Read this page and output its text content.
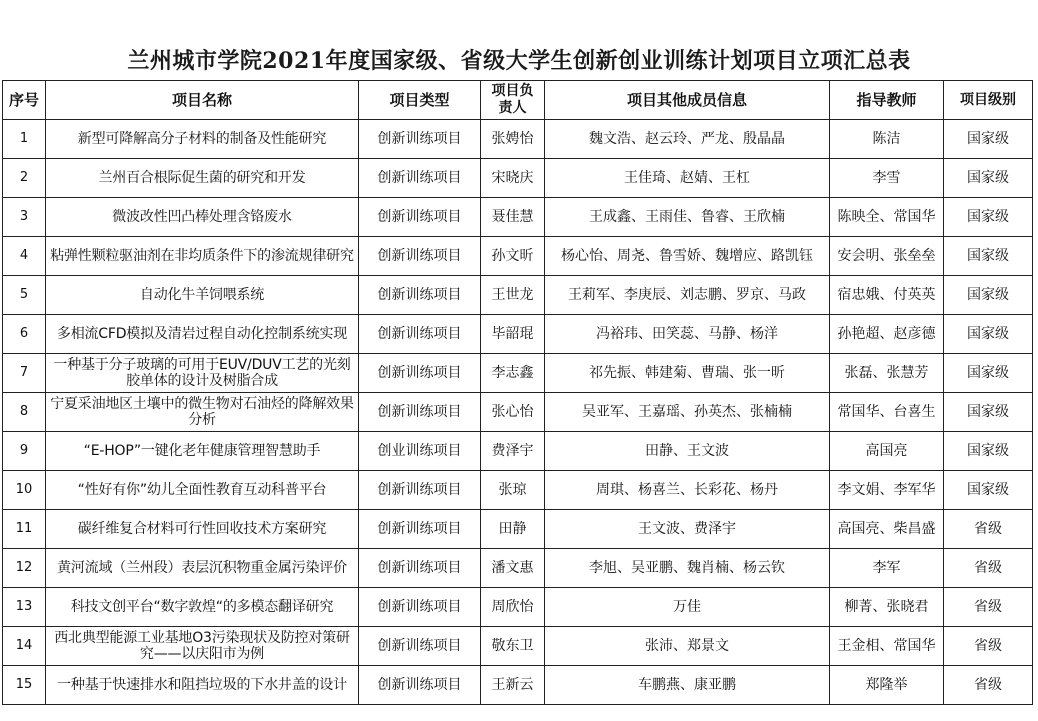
兰州城市学院2021年度国家级、省级大学生创新创业训练计划项目立项汇总表
序号	项目名称	项目类型	项目负责人	项目其他成员信息	指导教师	项目级别
1	新型可降解高分子材料的制备及性能研究	创新训练项目	张娉怡	魏文浩、赵云玲、严龙、殷晶晶	陈洁	国家级
2	兰州百合根际促生菌的研究和开发	创新训练项目	宋晓庆	王佳琦、赵婧、王杠	李雪	国家级
3	微波改性凹凸棒处理含铬废水	创新训练项目	聂佳慧	王成鑫、王雨佳、鲁睿、王欣楠	陈映全、常国华	国家级
4	粘弹性颗粒驱油剂在非均质条件下的渗流规律研究	创新训练项目	孙文昕	杨心怡、周尧、鲁雪娇、魏增应、路凯钰	安会明、张垒垒	国家级
5	自动化牛羊饲喂系统	创新训练项目	王世龙	王莉军、李庚辰、刘志鹏、罗京、马政	宿忠娥、付英英	国家级
6	多相流CFD模拟及清岩过程自动化控制系统实现	创新训练项目	毕韶琨	冯裕玮、田笑蕊、马静、杨洋	孙艳超、赵彦德	国家级
7	一种基于分子玻璃的可用于EUV/DUV工艺的光刻胶单体的设计及树脂合成	创新训练项目	李志鑫	祁先振、韩建菊、曹瑞、张一昕	张磊、张慧芳	国家级
8	宁夏采油地区土壤中的微生物对石油烃的降解效果分析	创新训练项目	张心怡	吴亚军、王嘉瑶、孙英杰、张楠楠	常国华、台喜生	国家级
9	“E-HOP”一键化老年健康管理智慧助手	创业训练项目	费泽宇	田静、王文波	高国亮	国家级
10	“性好有你”幼儿全面性教育互动科普平台	创新训练项目	张琼	周琪、杨喜兰、长彩花、杨丹	李文娟、李军华	国家级
11	碳纤维复合材料可行性回收技术方案研究	创新训练项目	田静	王文波、费泽宇	高国亮、柴昌盛	省级
12	黄河流域（兰州段）表层沉积物重金属污染评价	创新训练项目	潘文惠	李旭、吴亚鹏、魏肖楠、杨云钦	李军	省级
13	科技文创平台“数字敦煌“的多模态翻译研究	创新训练项目	周欣怡	万佳	柳菁、张晓君	省级
14	西北典型能源工业基地O3污染现状及防控对策研究——以庆阳市为例	创新训练项目	敬东卫	张沛、郑景文	王金相、常国华	省级
15	一种基于快速排水和阻挡垃圾的下水井盖的设计	创新训练项目	王新云	车鹏燕、康亚鹏	郑隆举	省级
